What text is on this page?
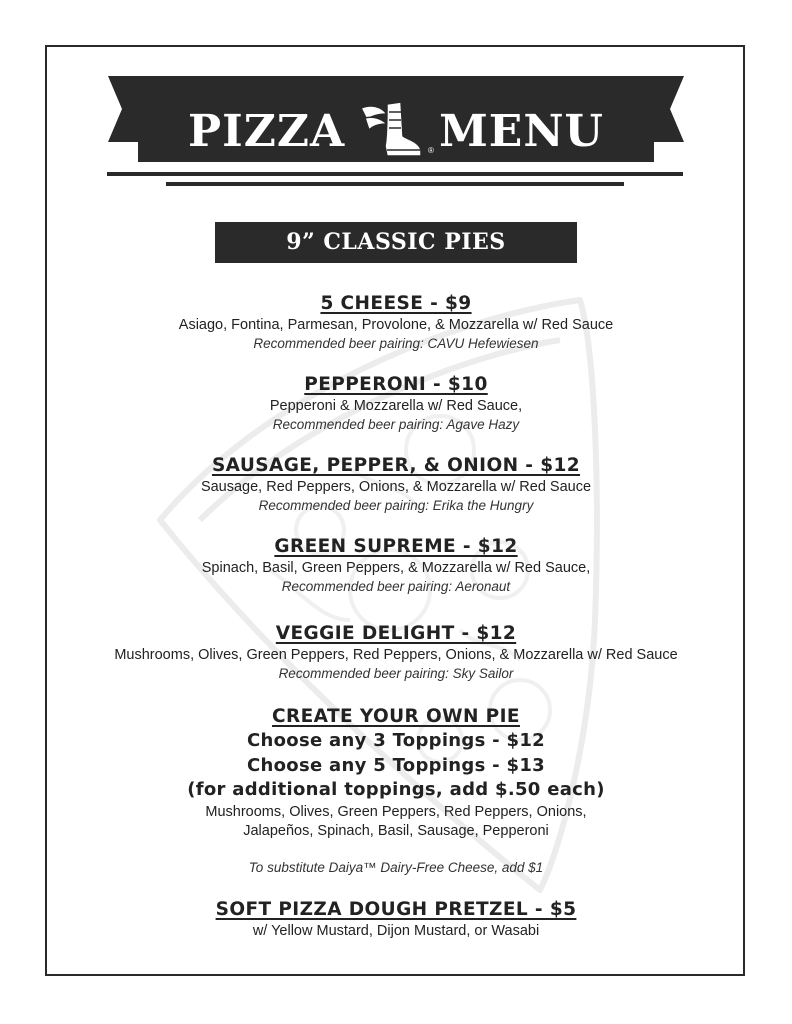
PIZZA MENU
®
9” CLASSIC PIES
5 CHEESE - $9
Asiago, Fontina, Parmesan, Provolone, & Mozzarella w/ Red Sauce
Recommended beer pairing: CAVU Hefewiesen
PEPPERONI - $10
Pepperoni & Mozzarella w/ Red Sauce,
Recommended beer pairing: Agave Hazy
SAUSAGE, PEPPER, & ONION - $12
Sausage, Red Peppers, Onions, & Mozzarella w/ Red Sauce
Recommended beer pairing: Erika the Hungry
GREEN SUPREME - $12
Spinach, Basil, Green Peppers, & Mozzarella w/ Red Sauce,
Recommended beer pairing: Aeronaut
VEGGIE DELIGHT - $12
Mushrooms, Olives, Green Peppers, Red Peppers, Onions, & Mozzarella w/ Red Sauce
Recommended beer pairing: Sky Sailor
CREATE YOUR OWN PIE
Choose any 3 Toppings - $12
Choose any 5 Toppings - $13
(for additional toppings, add $.50 each)
Mushrooms, Olives, Green Peppers, Red Peppers, Onions,
Jalapeños, Spinach, Basil, Sausage, Pepperoni
To substitute Daiya™ Dairy-Free Cheese, add $1
SOFT PIZZA DOUGH PRETZEL - $5
w/ Yellow Mustard, Dijon Mustard, or Wasabi
